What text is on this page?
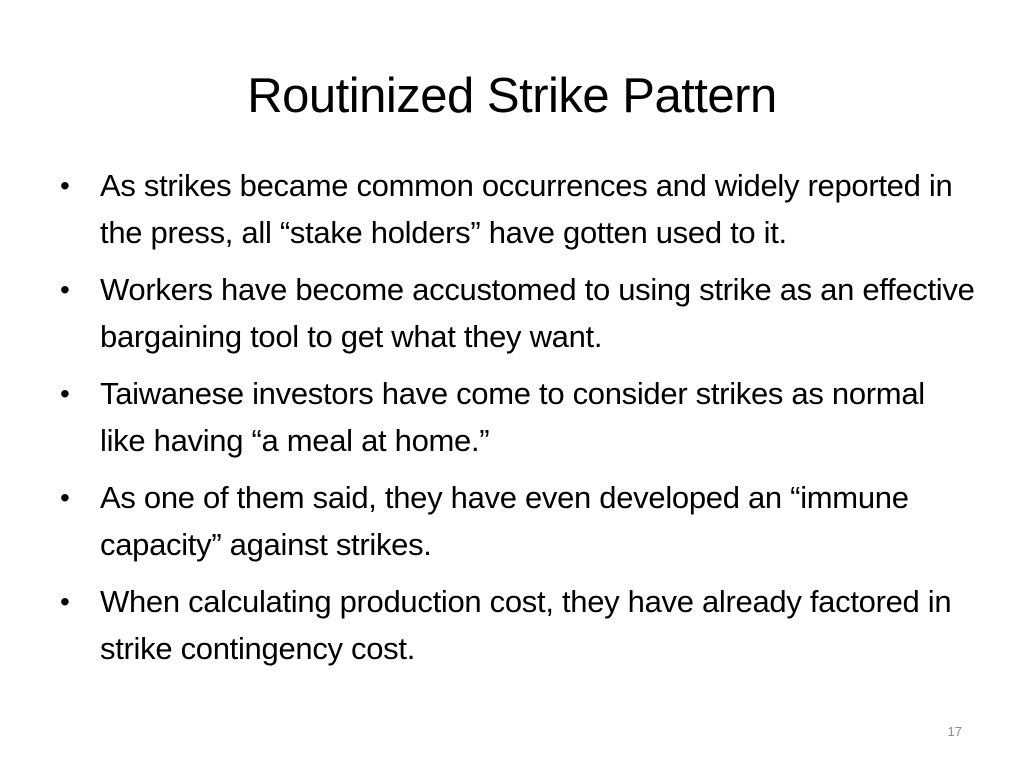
Routinized Strike Pattern
• As strikes became common occurrences and widely reported in the press, all “stake holders” have gotten used to it.
• Workers have become accustomed to using strike as an effective bargaining tool to get what they want.
• Taiwanese investors have come to consider strikes as normal like having “a meal at home.”
• As one of them said, they have even developed an “immune capacity” against strikes.
• When calculating production cost, they have already factored in strike contingency cost.
17
